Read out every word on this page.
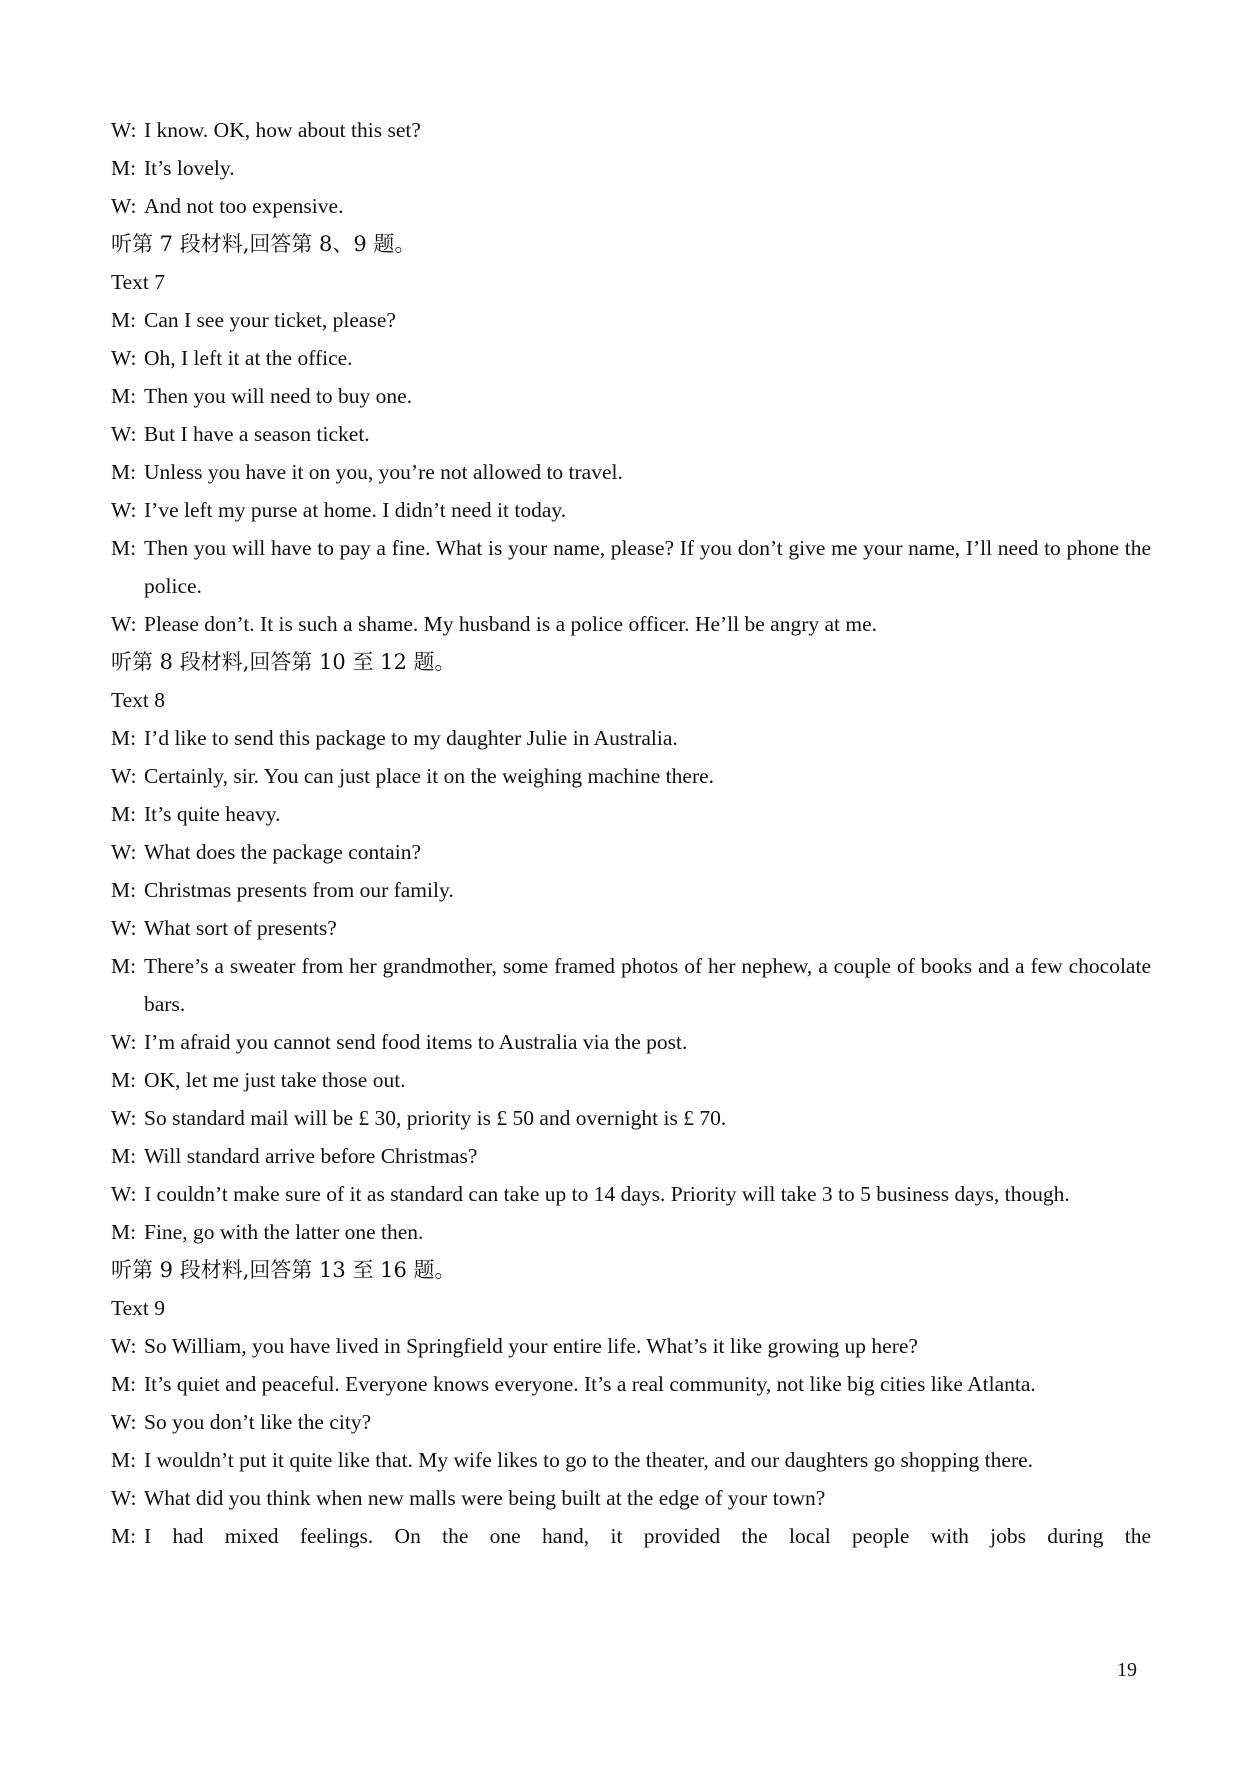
W: I know. OK, how about this set?
M: It’s lovely.
W: And not too expensive.
听第 7 段材料,回答第 8、9 题。
Text 7
M: Can I see your ticket, please?
W: Oh, I left it at the office.
M: Then you will need to buy one.
W: But I have a season ticket.
M: Unless you have it on you, you’re not allowed to travel.
W: I’ve left my purse at home. I didn’t need it today.
M: Then you will have to pay a fine. What is your name, please? If you don’t give me your name, I’ll need to phone the police.
W: Please don’t. It is such a shame. My husband is a police officer. He’ll be angry at me.
听第 8 段材料,回答第 10 至 12 题。
Text 8
M: I’d like to send this package to my daughter Julie in Australia.
W: Certainly, sir. You can just place it on the weighing machine there.
M: It’s quite heavy.
W: What does the package contain?
M: Christmas presents from our family.
W: What sort of presents?
M: There’s a sweater from her grandmother, some framed photos of her nephew, a couple of books and a few chocolate bars.
W: I’m afraid you cannot send food items to Australia via the post.
M: OK, let me just take those out.
W: So standard mail will be £ 30, priority is £ 50 and overnight is £ 70.
M: Will standard arrive before Christmas?
W: I couldn’t make sure of it as standard can take up to 14 days. Priority will take 3 to 5 business days, though.
M: Fine, go with the latter one then.
听第 9 段材料,回答第 13 至 16 题。
Text 9
W: So William, you have lived in Springfield your entire life. What’s it like growing up here?
M: It’s quiet and peaceful. Everyone knows everyone. It’s a real community, not like big cities like Atlanta.
W: So you don’t like the city?
M: I wouldn’t put it quite like that. My wife likes to go to the theater, and our daughters go shopping there.
W: What did you think when new malls were being built at the edge of your town?
M: I had mixed feelings. On the one hand, it provided the local people with jobs during the
19
